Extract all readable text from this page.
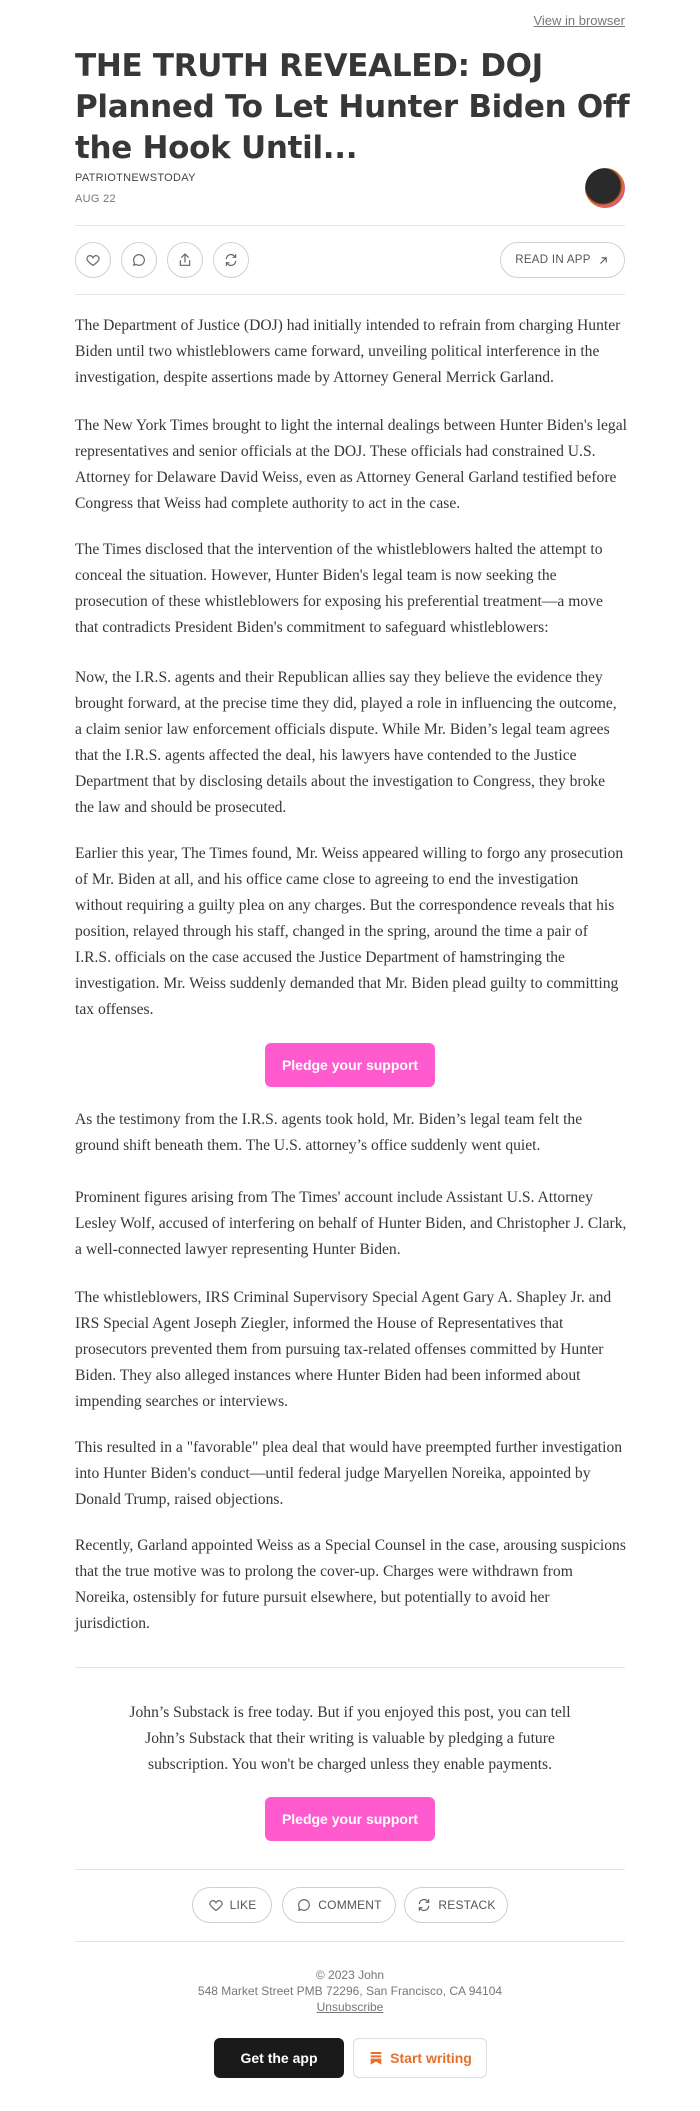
View in browser
THE TRUTH REVEALED: DOJ Planned To Let Hunter Biden Off the Hook Until...
PATRIOTNEWSTODAY
AUG 22
READ IN APP

The Department of Justice (DOJ) had initially intended to refrain from charging Hunter Biden until two whistleblowers came forward, unveiling political interference in the investigation, despite assertions made by Attorney General Merrick Garland.

The New York Times brought to light the internal dealings between Hunter Biden's legal representatives and senior officials at the DOJ. These officials had constrained U.S. Attorney for Delaware David Weiss, even as Attorney General Garland testified before Congress that Weiss had complete authority to act in the case.

The Times disclosed that the intervention of the whistleblowers halted the attempt to conceal the situation. However, Hunter Biden's legal team is now seeking the prosecution of these whistleblowers for exposing his preferential treatment—a move that contradicts President Biden's commitment to safeguard whistleblowers:

Now, the I.R.S. agents and their Republican allies say they believe the evidence they brought forward, at the precise time they did, played a role in influencing the outcome, a claim senior law enforcement officials dispute. While Mr. Biden’s legal team agrees that the I.R.S. agents affected the deal, his lawyers have contended to the Justice Department that by disclosing details about the investigation to Congress, they broke the law and should be prosecuted.

Earlier this year, The Times found, Mr. Weiss appeared willing to forgo any prosecution of Mr. Biden at all, and his office came close to agreeing to end the investigation without requiring a guilty plea on any charges. But the correspondence reveals that his position, relayed through his staff, changed in the spring, around the time a pair of I.R.S. officials on the case accused the Justice Department of hamstringing the investigation. Mr. Weiss suddenly demanded that Mr. Biden plead guilty to committing tax offenses.

Pledge your support

As the testimony from the I.R.S. agents took hold, Mr. Biden’s legal team felt the ground shift beneath them. The U.S. attorney’s office suddenly went quiet.

Prominent figures arising from The Times' account include Assistant U.S. Attorney Lesley Wolf, accused of interfering on behalf of Hunter Biden, and Christopher J. Clark, a well-connected lawyer representing Hunter Biden.

The whistleblowers, IRS Criminal Supervisory Special Agent Gary A. Shapley Jr. and IRS Special Agent Joseph Ziegler, informed the House of Representatives that prosecutors prevented them from pursuing tax-related offenses committed by Hunter Biden. They also alleged instances where Hunter Biden had been informed about impending searches or interviews.

This resulted in a "favorable" plea deal that would have preempted further investigation into Hunter Biden's conduct—until federal judge Maryellen Noreika, appointed by Donald Trump, raised objections.

Recently, Garland appointed Weiss as a Special Counsel in the case, arousing suspicions that the true motive was to prolong the cover-up. Charges were withdrawn from Noreika, ostensibly for future pursuit elsewhere, but potentially to avoid her jurisdiction.

John’s Substack is free today. But if you enjoyed this post, you can tell John’s Substack that their writing is valuable by pledging a future subscription. You won't be charged unless they enable payments.

Pledge your support
LIKE	COMMENT	RESTACK
© 2023 John
548 Market Street PMB 72296, San Francisco, CA 94104
Unsubscribe
Get the app	Start writing
